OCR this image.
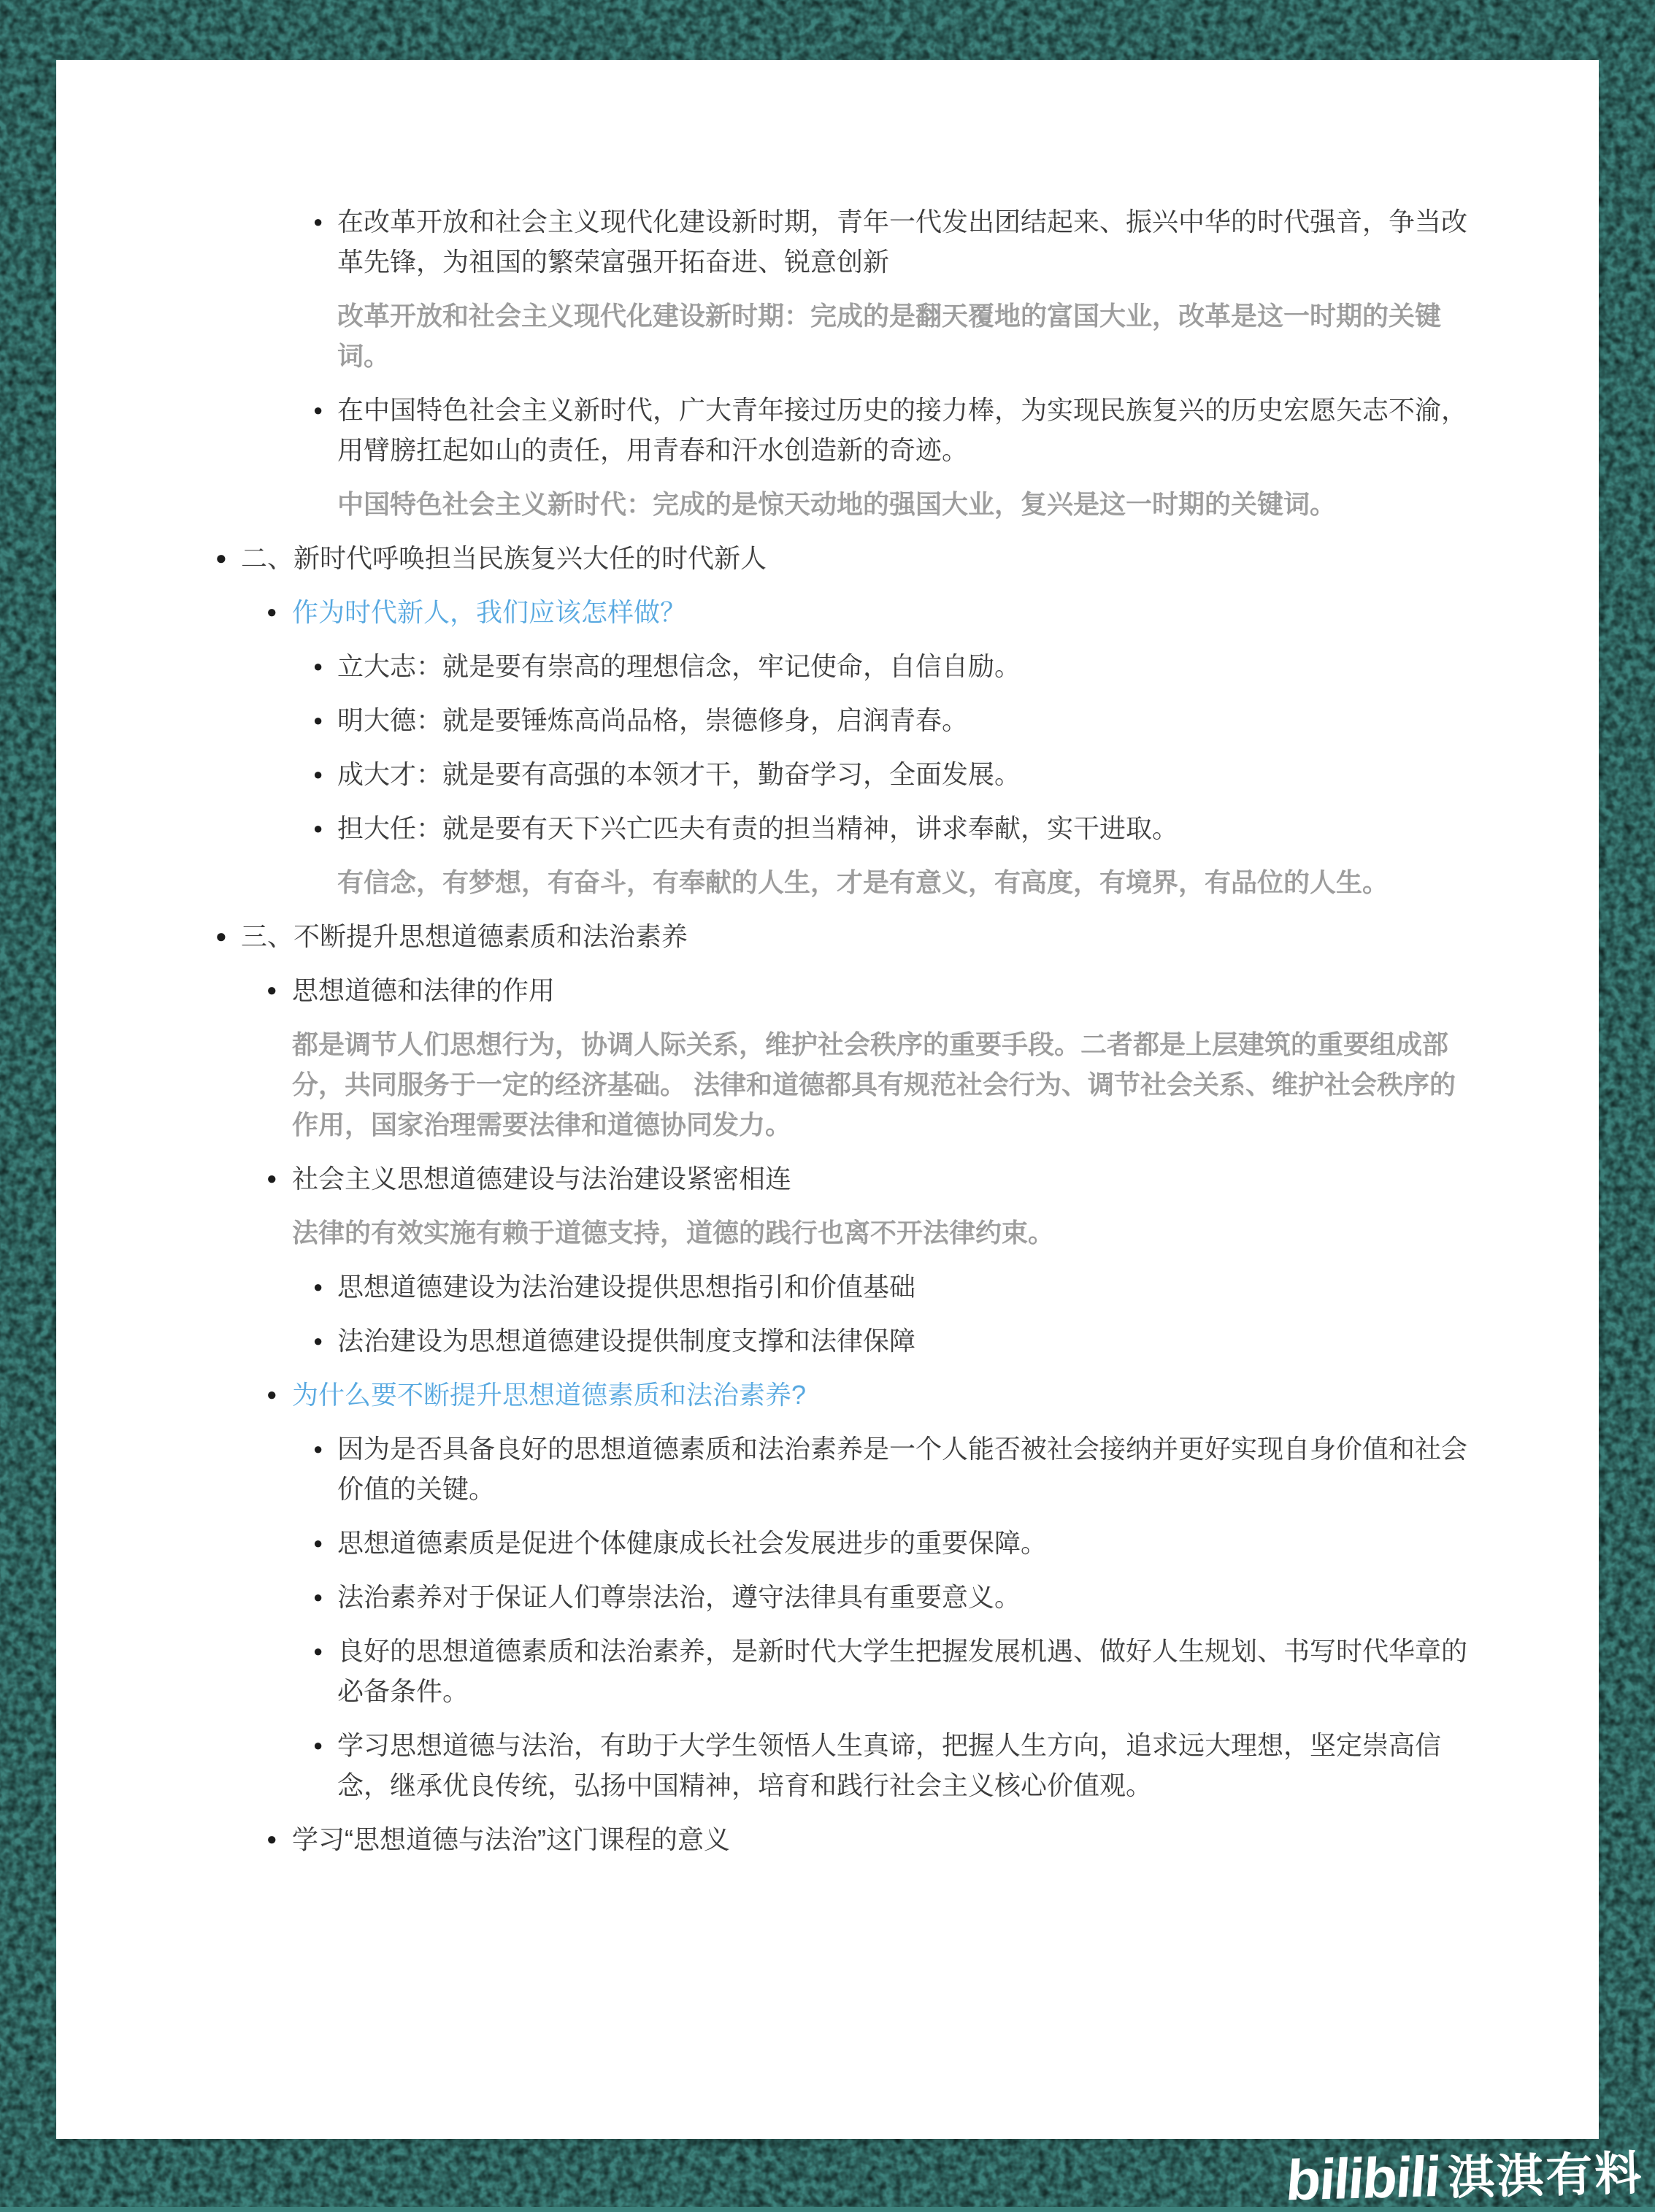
● 在改革开放和社会主义现代化建设新时期，青年一代发出团结起来、振兴中华的时代强音，争当改革先锋，为祖国的繁荣富强开拓奋进、锐意创新
改革开放和社会主义现代化建设新时期：完成的是翻天覆地的富国大业，改革是这一时期的关键词。
● 在中国特色社会主义新时代，广大青年接过历史的接力棒，为实现民族复兴的历史宏愿矢志不渝，用臂膀扛起如山的责任，用青春和汗水创造新的奇迹。
中国特色社会主义新时代：完成的是惊天动地的强国大业，复兴是这一时期的关键词。
● 二、新时代呼唤担当民族复兴大任的时代新人
● 作为时代新人，我们应该怎样做？
● 立大志：就是要有崇高的理想信念，牢记使命，自信自励。
● 明大德：就是要锤炼高尚品格，崇德修身，启润青春。
● 成大才：就是要有高强的本领才干，勤奋学习，全面发展。
● 担大任：就是要有天下兴亡匹夫有责的担当精神，讲求奉献，实干进取。
有信念，有梦想，有奋斗，有奉献的人生，才是有意义，有高度，有境界，有品位的人生。
● 三、不断提升思想道德素质和法治素养
● 思想道德和法律的作用
都是调节人们思想行为，协调人际关系，维护社会秩序的重要手段。二者都是上层建筑的重要组成部分，共同服务于一定的经济基础。 法律和道德都具有规范社会行为、调节社会关系、维护社会秩序的作用，国家治理需要法律和道德协同发力。
● 社会主义思想道德建设与法治建设紧密相连
法律的有效实施有赖于道德支持，道德的践行也离不开法律约束。
● 思想道德建设为法治建设提供思想指引和价值基础
● 法治建设为思想道德建设提供制度支撑和法律保障
● 为什么要不断提升思想道德素质和法治素养?
● 因为是否具备良好的思想道德素质和法治素养是一个人能否被社会接纳并更好实现自身价值和社会价值的关键。
● 思想道德素质是促进个体健康成长社会发展进步的重要保障。
● 法治素养对于保证人们尊崇法治，遵守法律具有重要意义。
● 良好的思想道德素质和法治素养，是新时代大学生把握发展机遇、做好人生规划、书写时代华章的必备条件。
● 学习思想道德与法治，有助于大学生领悟人生真谛，把握人生方向，追求远大理想，坚定崇高信念，继承优良传统，弘扬中国精神，培育和践行社会主义核心价值观。
● 学习“思想道德与法治”这门课程的意义
bilibili 淇淇有料
